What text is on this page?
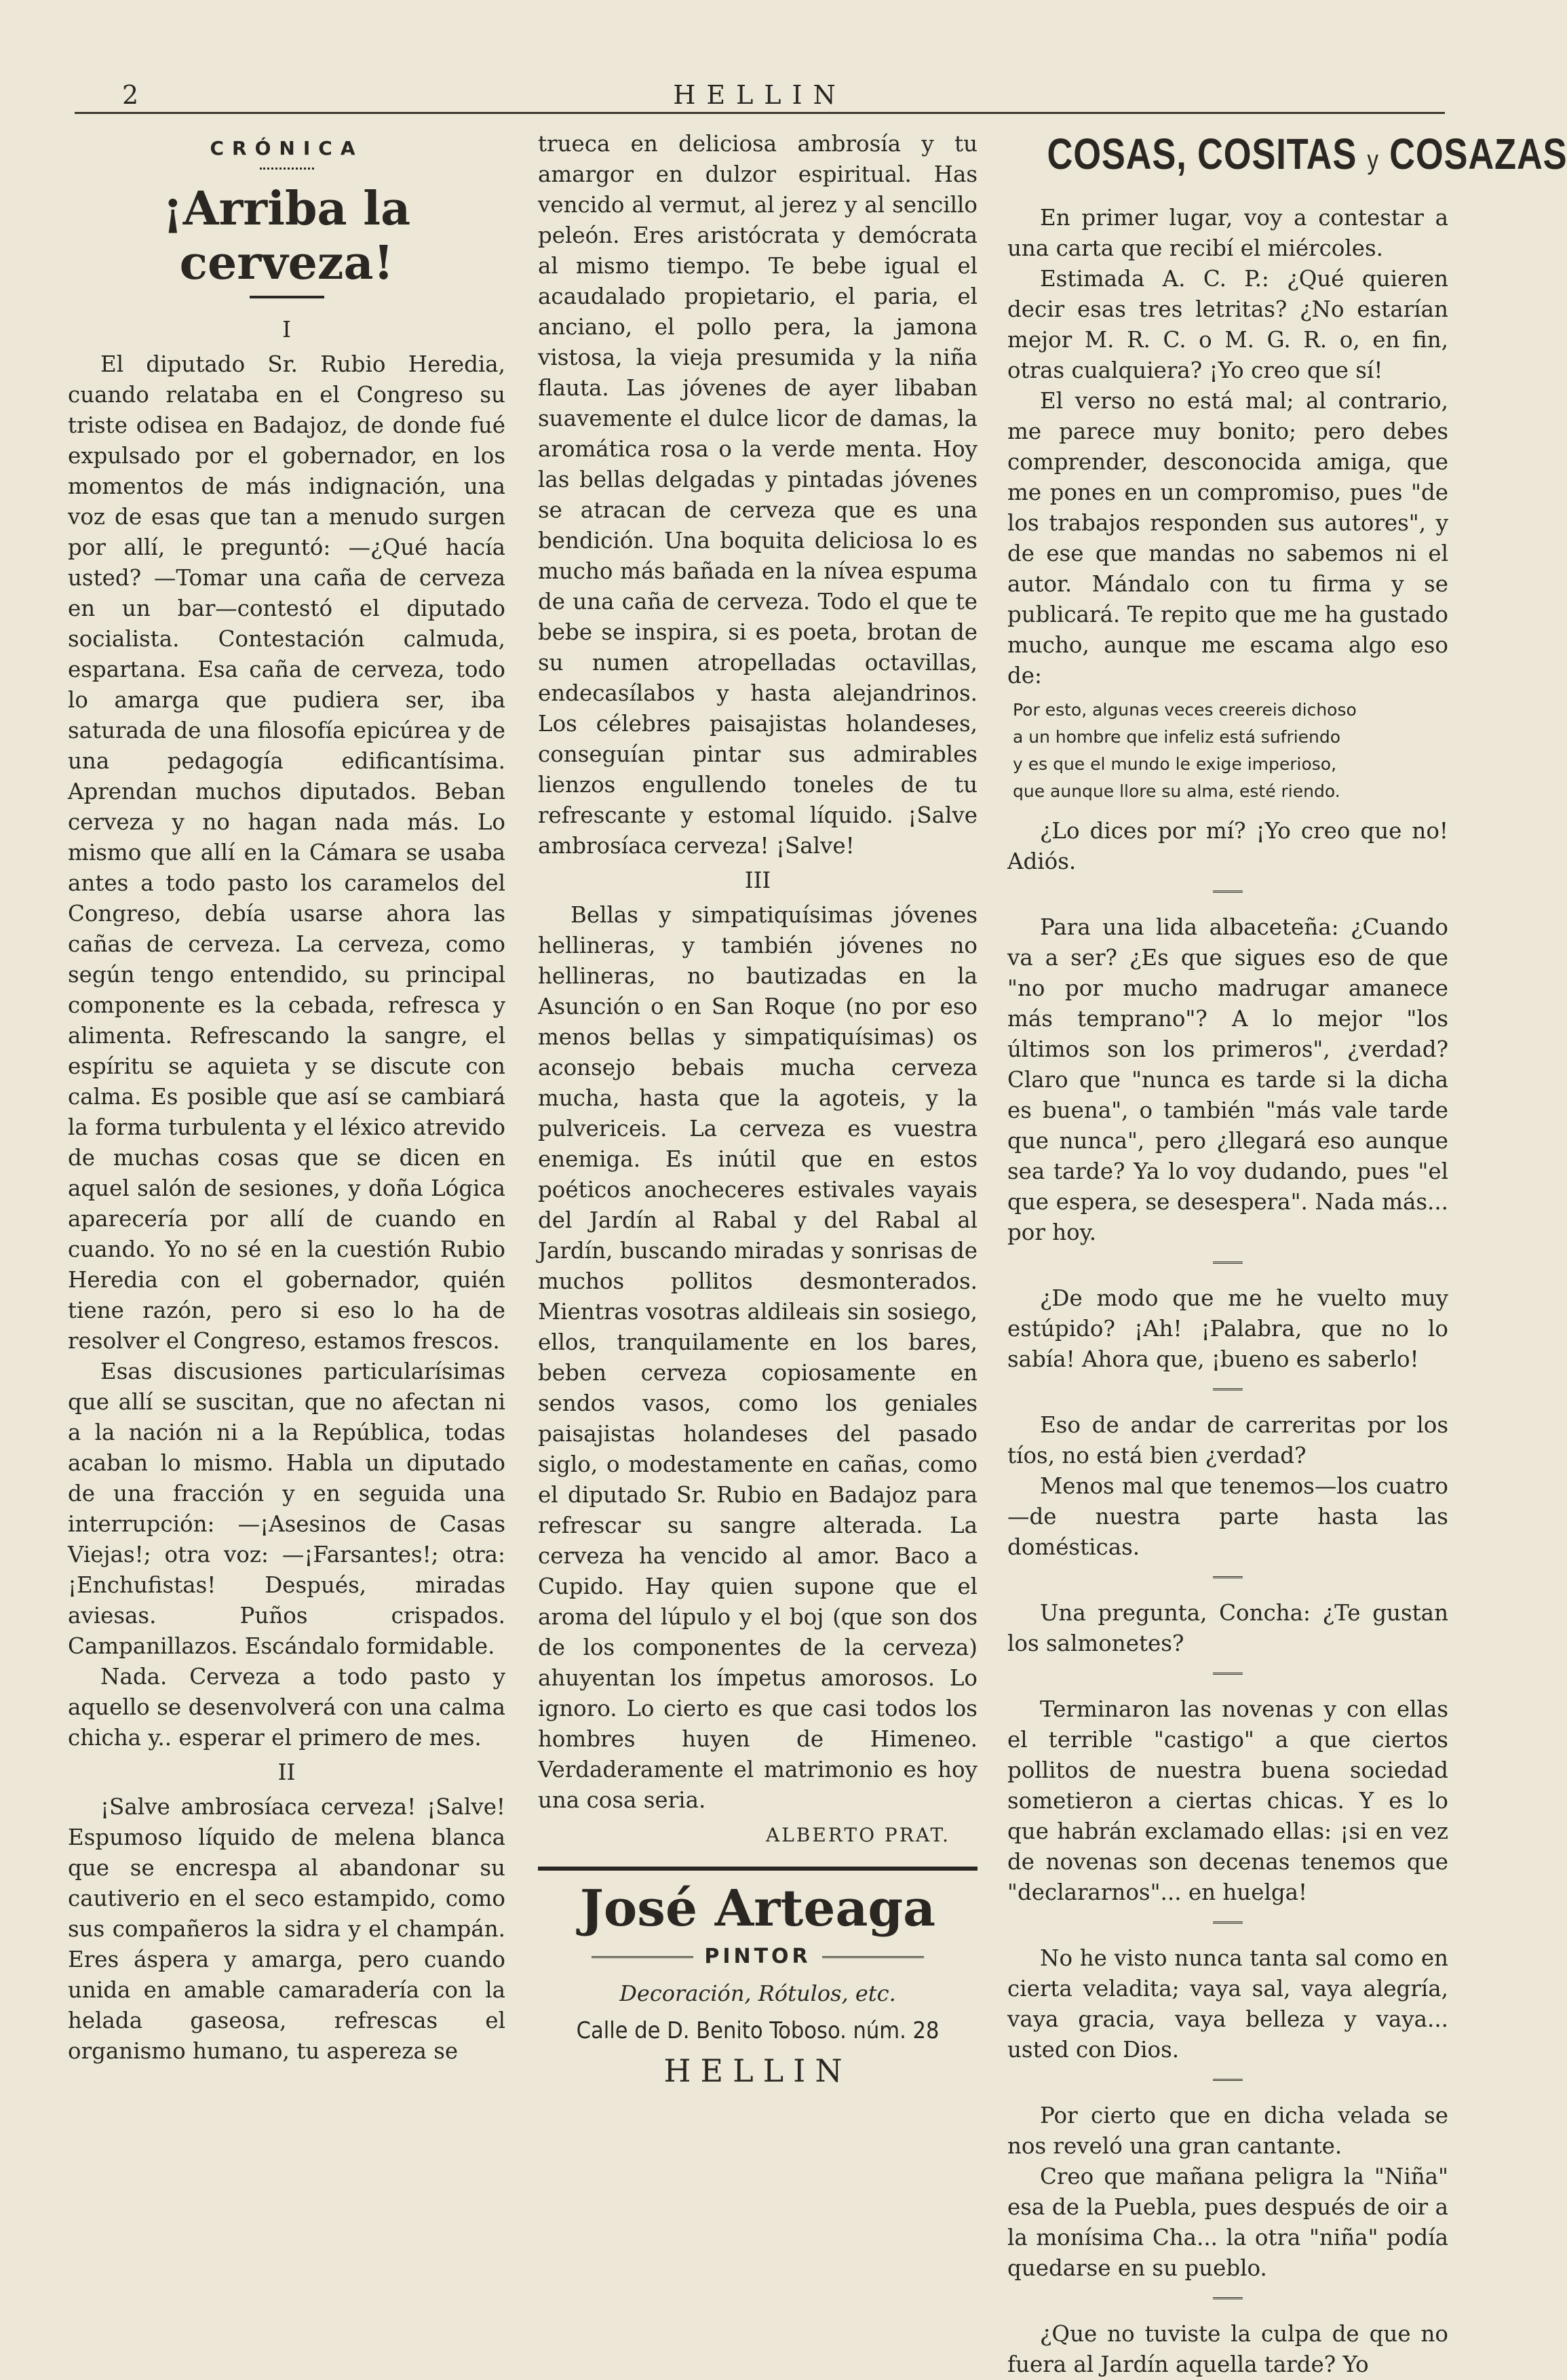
2	HELLIN
CRÓNICA
¡Arriba la cerveza!
I

El diputado Sr. Rubio Heredia, cuando relataba en el Congreso su triste odisea en Badajoz, de donde fué expulsado por el gobernador, en los momentos de más indignación, una voz de esas que tan a menudo surgen por allí, le preguntó: —¿Qué hacía usted? —Tomar una caña de cerveza en un bar—contestó el diputado socialista. Contestación calmuda, espartana. Esa caña de cerveza, todo lo amarga que pudiera ser, iba saturada de una filosofía epicúrea y de una pedagogía edificantísima. Aprendan muchos diputados. Beban cerveza y no hagan nada más. Lo mismo que allí en la Cámara se usaba antes a todo pasto los caramelos del Congreso, debía usarse ahora las cañas de cerveza. La cerveza, como según tengo entendido, su principal componente es la cebada, refresca y alimenta. Refrescando la sangre, el espíritu se aquieta y se discute con calma. Es posible que así se cambiará la forma turbulenta y el léxico atrevido de muchas cosas que se dicen en aquel salón de sesiones, y doña Lógica aparecería por allí de cuando en cuando. Yo no sé en la cuestión Rubio Heredia con el gobernador, quién tiene razón, pero si eso lo ha de resolver el Congreso, estamos frescos.

Esas discusiones particularísimas que allí se suscitan, que no afectan ni a la nación ni a la República, todas acaban lo mismo. Habla un diputado de una fracción y en seguida una interrupción: —¡Asesinos de Casas Viejas!; otra voz: —¡Farsantes!; otra: ¡Enchufistas! Después, miradas aviesas. Puños crispados. Campanillazos. Escándalo formidable.

Nada. Cerveza a todo pasto y aquello se desenvolverá con una calma chicha y.. esperar el primero de mes.

II

¡Salve ambrosíaca cerveza! ¡Salve! Espumoso líquido de melena blanca que se encrespa al abandonar su cautiverio en el seco estampido, como sus compañeros la sidra y el champán. Eres áspera y amarga, pero cuando unida en amable camaradería con la helada gaseosa, refrescas el organismo humano, tu aspereza se

trueca en deliciosa ambrosía y tu amargor en dulzor espiritual. Has vencido al vermut, al jerez y al sencillo peleón. Eres aristócrata y demócrata al mismo tiempo. Te bebe igual el acaudalado propietario, el paria, el anciano, el pollo pera, la jamona vistosa, la vieja presumida y la niña flauta. Las jóvenes de ayer libaban suavemente el dulce licor de damas, la aromática rosa o la verde menta. Hoy las bellas delgadas y pintadas jóvenes se atracan de cerveza que es una bendición. Una boquita deliciosa lo es mucho más bañada en la nívea espuma de una caña de cerveza. Todo el que te bebe se inspira, si es poeta, brotan de su numen atropelladas octavillas, endecasílabos y hasta alejandrinos. Los célebres paisajistas holandeses, conseguían pintar sus admirables lienzos engullendo toneles de tu refrescante y estomal líquido. ¡Salve ambrosíaca cerveza! ¡Salve!

III

Bellas y simpatiquísimas jóvenes hellineras, y también jóvenes no hellineras, no bautizadas en la Asunción o en San Roque (no por eso menos bellas y simpatiquísimas) os aconsejo bebais mucha cerveza mucha, hasta que la agoteis, y la pulvericeis. La cerveza es vuestra enemiga. Es inútil que en estos poéticos anocheceres estivales vayais del Jardín al Rabal y del Rabal al Jardín, buscando miradas y sonrisas de muchos pollitos desmonterados. Mientras vosotras aldileais sin sosiego, ellos, tranquilamente en los bares, beben cerveza copiosamente en sendos vasos, como los geniales paisajistas holandeses del pasado siglo, o modestamente en cañas, como el diputado Sr. Rubio en Badajoz para refrescar su sangre alterada. La cerveza ha vencido al amor. Baco a Cupido. Hay quien supone que el aroma del lúpulo y el boj (que son dos de los componentes de la cerveza) ahuyentan los ímpetus amorosos. Lo ignoro. Lo cierto es que casi todos los hombres huyen de Himeneo. Verdaderamente el matrimonio es hoy una cosa seria.

ALBERTO PRAT.
José Arteaga
PINTOR
Decoración, Rótulos, etc.
Calle de D. Benito Toboso. núm. 28
HELLIN
COSAS, COSITAS y COSAZAS

En primer lugar, voy a contestar a una carta que recibí el miércoles.

Estimada A. C. P.: ¿Qué quieren decir esas tres letritas? ¿No estarían mejor M. R. C. o M. G. R. o, en fin, otras cualquiera? ¡Yo creo que sí!

El verso no está mal; al contrario, me parece muy bonito; pero debes comprender, desconocida amiga, que me pones en un compromiso, pues "de los trabajos responden sus autores", y de ese que mandas no sabemos ni el autor. Mándalo con tu firma y se publicará. Te repito que me ha gustado mucho, aunque me escama algo eso de:

Por esto, algunas veces creereis dichoso
a un hombre que infeliz está sufriendo
y es que el mundo le exige imperioso,
que aunque llore su alma, esté riendo.

¿Lo dices por mí? ¡Yo creo que no! Adiós.

Para una lida albaceteña: ¿Cuando va a ser? ¿Es que sigues eso de que "no por mucho madrugar amanece más temprano"? A lo mejor "los últimos son los primeros", ¿verdad? Claro que "nunca es tarde si la dicha es buena", o también "más vale tarde que nunca", pero ¿llegará eso aunque sea tarde? Ya lo voy dudando, pues "el que espera, se desespera". Nada más... por hoy.

¿De modo que me he vuelto muy estúpido? ¡Ah! ¡Palabra, que no lo sabía! Ahora que, ¡bueno es saberlo!

Eso de andar de carreritas por los tíos, no está bien ¿verdad?

Menos mal que tenemos—los cuatro—de nuestra parte hasta las domésticas.

Una pregunta, Concha: ¿Te gustan los salmonetes?

Terminaron las novenas y con ellas el terrible "castigo" a que ciertos pollitos de nuestra buena sociedad sometieron a ciertas chicas. Y es lo que habrán exclamado ellas: ¡si en vez de novenas son decenas tenemos que "declararnos"... en huelga!

No he visto nunca tanta sal como en cierta veladita; vaya sal, vaya alegría, vaya gracia, vaya belleza y vaya... usted con Dios.

Por cierto que en dicha velada se nos reveló una gran cantante.

Creo que mañana peligra la "Niña" esa de la Puebla, pues después de oir a la monísima Cha... la otra "niña" podía quedarse en su pueblo.

¿Que no tuviste la culpa de que no fuera al Jardín aquella tarde? Yo
